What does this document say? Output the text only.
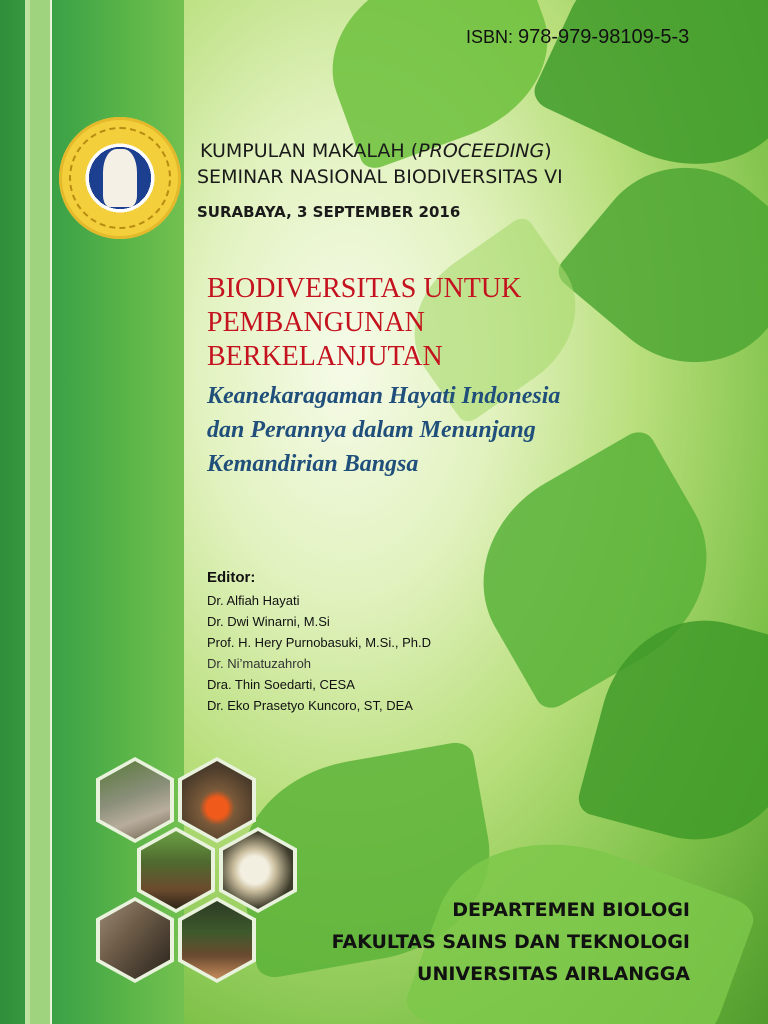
ISBN: 978-979-98109-5-3
KUMPULAN MAKALAH (PROCEEDING)
SEMINAR NASIONAL BIODIVERSITAS VI
SURABAYA, 3 SEPTEMBER 2016
BIODIVERSITAS UNTUK
PEMBANGUNAN
BERKELANJUTAN
Keanekaragaman Hayati Indonesia
dan Perannya dalam Menunjang
Kemandirian Bangsa
Editor:
Dr. Alfiah Hayati
Dr. Dwi Winarni, M.Si
Prof. H. Hery Purnobasuki, M.Si., Ph.D
Dr. Ni’matuzahroh
Dra. Thin Soedarti, CESA
Dr. Eko Prasetyo Kuncoro, ST, DEA
DEPARTEMEN BIOLOGI
FAKULTAS SAINS DAN TEKNOLOGI
UNIVERSITAS AIRLANGGA
